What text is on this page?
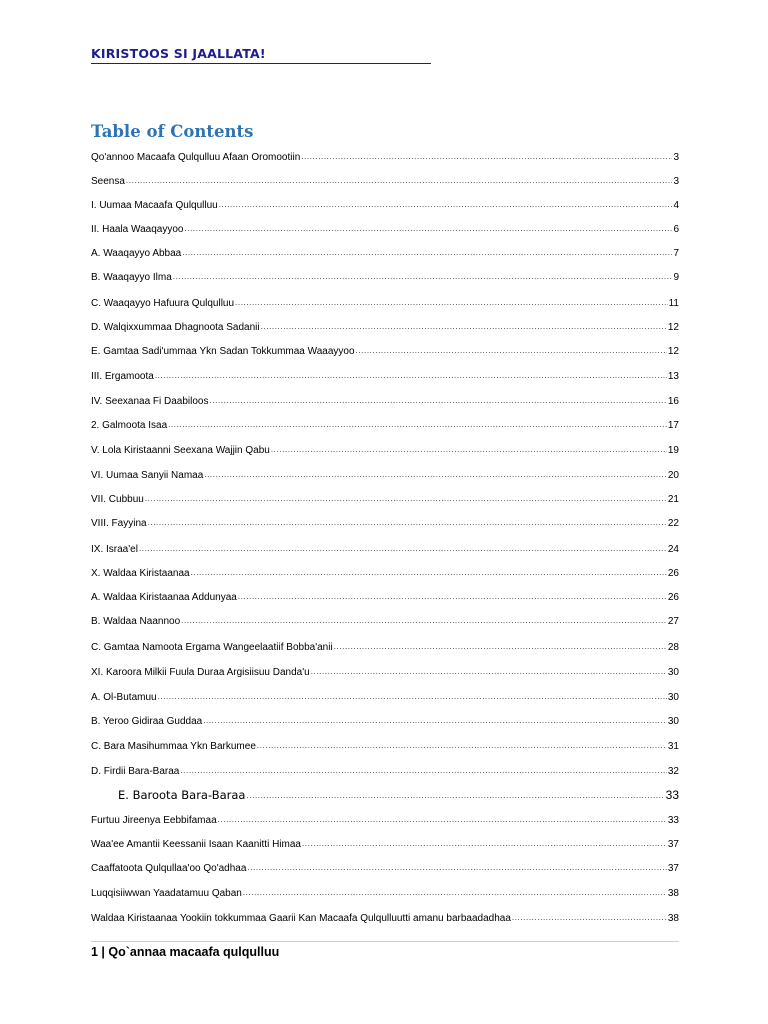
KIRISTOOS SI JAALLATA!
Table of Contents
Qo'annoo Macaafa Qulqulluu Afaan Oromootiin .....	3
Seensa .....	3
I. Uumaa Macaafa Qulqulluu .....	4
II. Haala Waaqayyoo .....	6
A. Waaqayyo Abbaa .....	7
B. Waaqayyo Ilma .....	9
C. Waaqayyo Hafuura Qulqulluu .....	11
D. Walqixxummaa Dhagnoota Sadanii .....	12
E. Gamtaa Sadi'ummaa Ykn Sadan Tokkummaa Waaayyoo .....	12
III. Ergamoota .....	13
IV. Seexanaa Fi Daabiloos .....	16
2. Galmoota Isaa .....	17
V. Lola Kiristaanni Seexana Wajjin Qabu .....	19
VI. Uumaa Sanyii Namaa .....	20
VII. Cubbuu .....	21
VIII. Fayyina .....	22
IX. Israa'el .....	24
X. Waldaa Kiristaanaa .....	26
A. Waldaa Kiristaanaa Addunyaa .....	26
B. Waldaa Naannoo .....	27
C. Gamtaa Namoota Ergama Wangeelaatiif Bobba'anii .....	28
XI. Karoora Milkii Fuula Duraa Argisiisuu Danda'u .....	30
A. Ol-Butamuu .....	30
B. Yeroo Gidiraa Guddaa .....	30
C. Bara Masihummaa Ykn Barkumee .....	31
D. Firdii Bara-Baraa .....	32
E. Baroota Bara-Baraa .....	33
Furtuu Jireenya Eebbifamaa .....	33
Waa'ee Amantii Keessanii Isaan Kaanitti Himaa .....	37
Caaffatoota Qulqullaa'oo Qo'adhaa .....	37
Luqqisiiwwan Yaadatamuu Qaban .....	38
Waldaa Kiristaanaa Yookiin tokkummaa Gaarii Kan Macaafa Qulqulluutti amanu barbaadadhaa .....	38
1 | Qo`annaa macaafa qulqulluu
